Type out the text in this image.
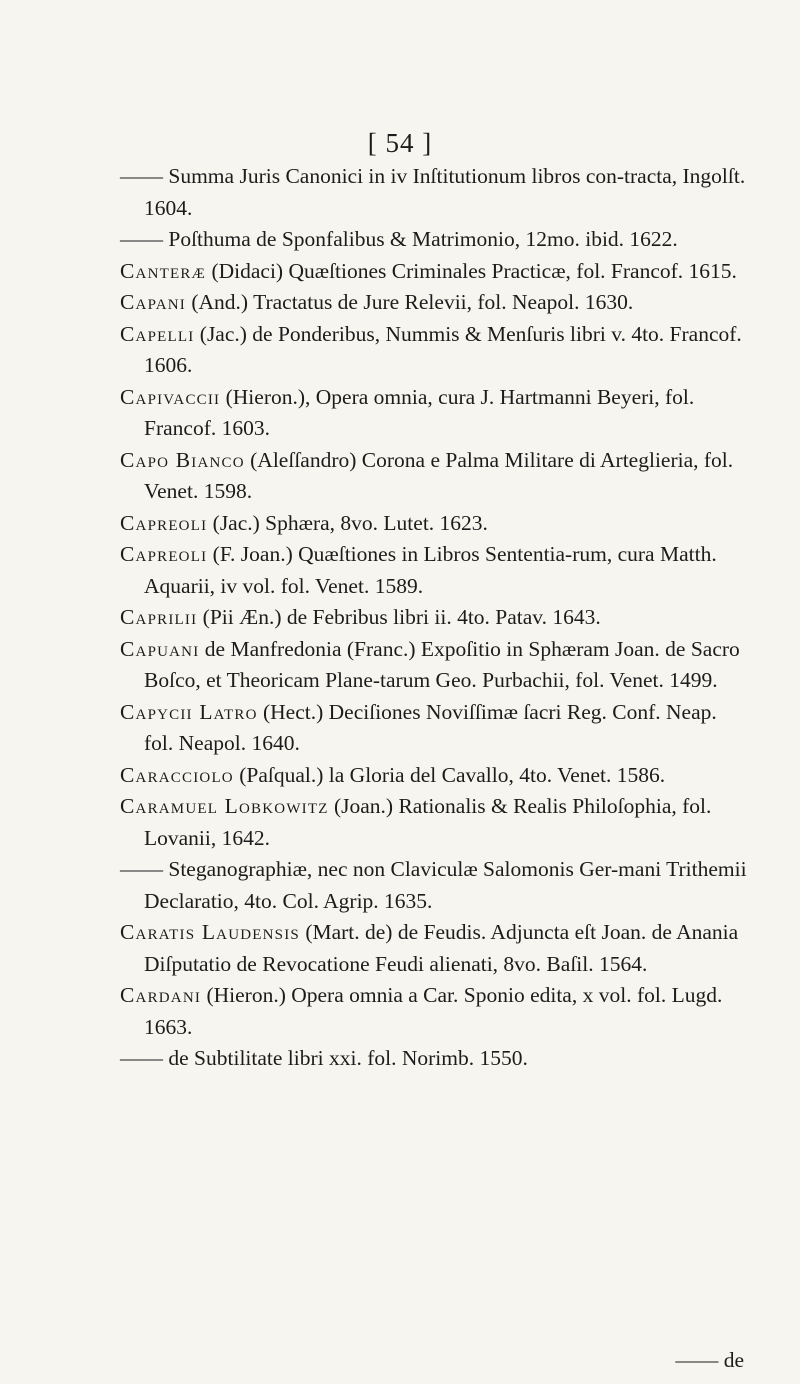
[ 54 ]

—— Summa Juris Canonici in iv Inſtitutionum libros con-tracta, Ingolſt. 1604.

—— Poſthuma de Sponfalibus & Matrimonio, 12mo. ibid. 1622.

Canteræ (Didaci) Quæſtiones Criminales Practicæ, fol. Francof. 1615.

Capani (And.) Tractatus de Jure Relevii, fol. Neapol. 1630.

Capelli (Jac.) de Ponderibus, Nummis & Menſuris libri v. 4to. Francof. 1606.

Capivaccii (Hieron.), Opera omnia, cura J. Hartmanni Beyeri, fol. Francof. 1603.

Capo Bianco (Aleſſandro) Corona e Palma Militare di Arteglieria, fol. Venet. 1598.

Capreoli (Jac.) Sphæra, 8vo. Lutet. 1623.

Capreoli (F. Joan.) Quæſtiones in Libros Sententia-rum, cura Matth. Aquarii, iv vol. fol. Venet. 1589.

Caprilii (Pii Æn.) de Febribus libri ii. 4to. Patav. 1643.

Capuani de Manfredonia (Franc.) Expoſitio in Sphæram Joan. de Sacro Boſco, et Theoricam Plane-tarum Geo. Purbachii, fol. Venet. 1499.

Capycii Latro (Hect.) Deciſiones Noviſſimæ ſacri Reg. Conf. Neap. fol. Neapol. 1640.

Caracciolo (Paſqual.) la Gloria del Cavallo, 4to. Venet. 1586.

Caramuel Lobkowitz (Joan.) Rationalis & Realis Philoſophia, fol. Lovanii, 1642.

—— Steganographiæ, nec non Claviculæ Salomonis Ger-mani Trithemii Declaratio, 4to. Col. Agrip. 1635.

Caratis Laudensis (Mart. de) de Feudis. Adjuncta eſt Joan. de Anania Diſputatio de Revocatione Feudi alienati, 8vo. Baſil. 1564.

Cardani (Hieron.) Opera omnia a Car. Sponio edita, x vol. fol. Lugd. 1663.

—— de Subtilitate libri xxi. fol. Norimb. 1550.

—— de
